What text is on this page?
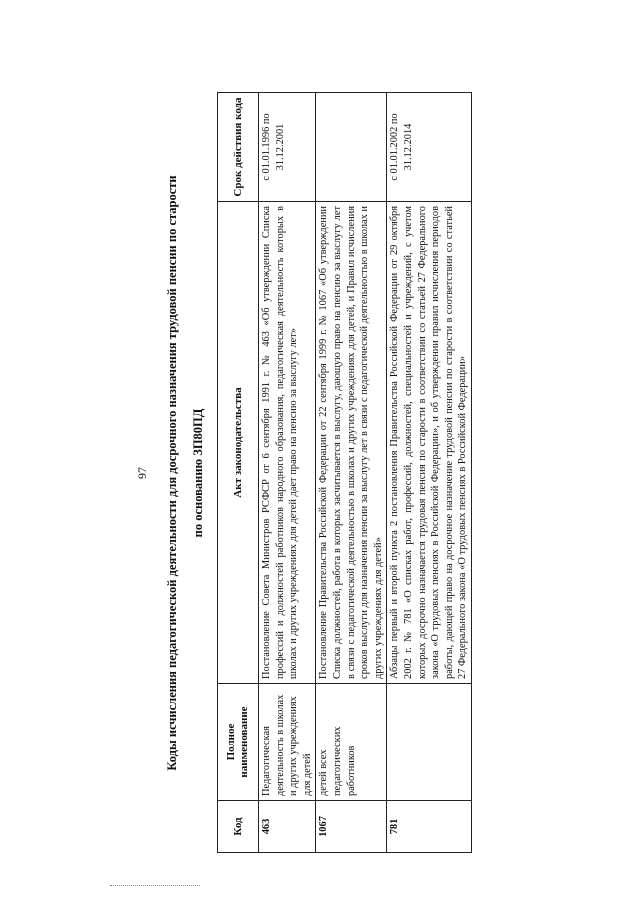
97 Коды исчисления педагогической деятельности для досрочного назначения трудовой пенсии по старости по основанию ЗП80ПД
Код	Полное наименование	Акт законодательства	Срок действия кода
463	Педагогическая деятельность в школах и других учреждениях для детей	Постановление Совета Министров РСФСР от 6 сентября 1991 г. № 463 «Об утверждении Списка профессий и должностей работников народного образования, педагогическая деятельность которых в школах и других учреждениях для детей дает право на пенсию за выслугу лет»	с 01.01.1996 по 31.12.2001
1067	детей всех педагогических работников	Постановление Правительства Российской Федерации от 22 сентября 1999 г. № 1067 «Об утверждении Списка должностей, работа в которых засчитывается в выслугу, дающую право на пенсию за выслугу лет в связи с педагогической деятельностью в школах и других учреждениях для детей, и Правил исчисления сроков выслуги для назначения пенсии за выслугу лет в связи с педагогической деятельностью в школах и других учреждениях для детей»	
781		Абзацы первый и второй пункта 2 постановления Правительства Российской Федерации от 29 октября 2002 г. № 781 «О списках работ, профессий, должностей, специальностей и учреждений, с учетом которых досрочно назначается трудовая пенсия по старости в соответствии со статьей 27 Федерального закона «О трудовых пенсиях в Российской Федерации», и об утверждении правил исчисления периодов работы, дающей право на досрочное назначение трудовой пенсии по старости в соответствии со статьей 27 Федерального закона «О трудовых пенсиях в Российской Федерации»	с 01.01.2002 по 31.12.2014
